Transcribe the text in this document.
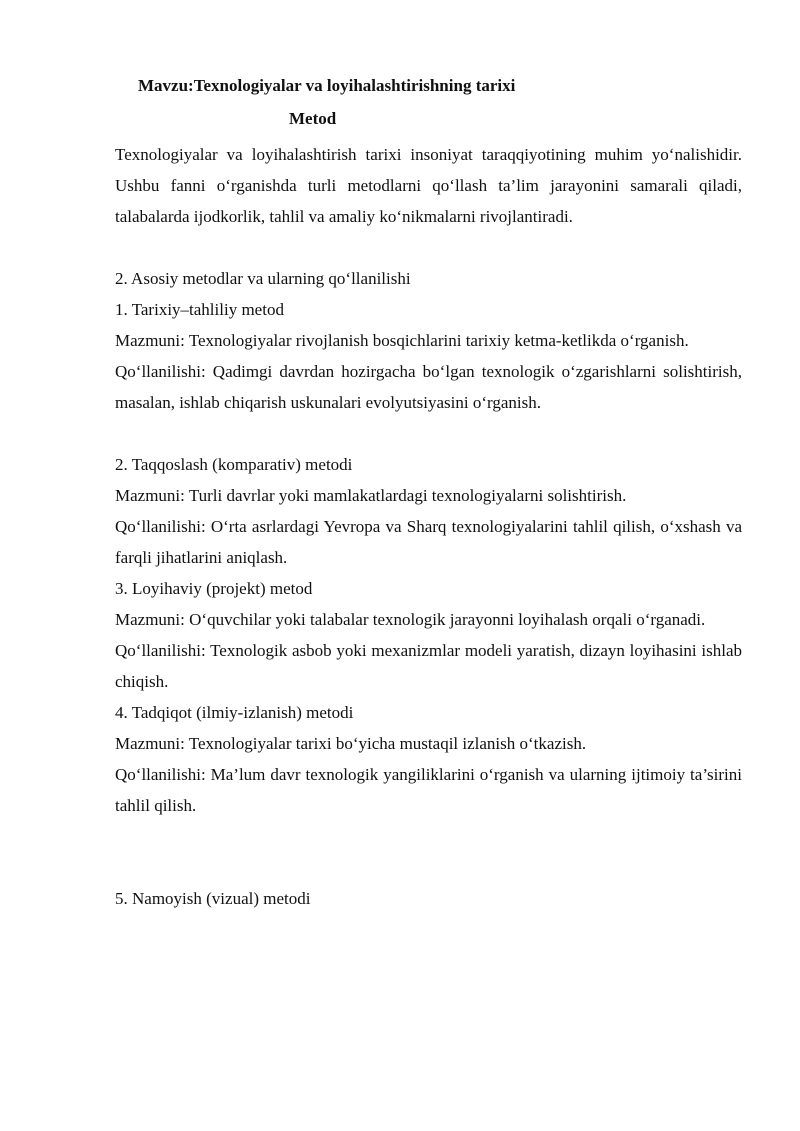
Mavzu:Texnologiyalar va loyihalashtirishning tarixi
Metod

Texnologiyalar va loyihalashtirish tarixi insoniyat taraqqiyotining muhim yo‘nalishidir. Ushbu fanni o‘rganishda turli metodlarni qo‘llash ta’lim jarayonini samarali qiladi, talabalarda ijodkorlik, tahlil va amaliy ko‘nikmalarni rivojlantiradi.

2. Asosiy metodlar va ularning qo‘llanilishi

1. Tarixiy–tahliliy metod

Mazmuni: Texnologiyalar rivojlanish bosqichlarini tarixiy ketma-ketlikda o‘rganish.

Qo‘llanilishi: Qadimgi davrdan hozirgacha bo‘lgan texnologik o‘zgarishlarni solishtirish, masalan, ishlab chiqarish uskunalari evolyutsiyasini o‘rganish.

2. Taqqoslash (komparativ) metodi

Mazmuni: Turli davrlar yoki mamlakatlardagi texnologiyalarni solishtirish.

Qo‘llanilishi: O‘rta asrlardagi Yevropa va Sharq texnologiyalarini tahlil qilish, o‘xshash va farqli jihatlarini aniqlash.

3. Loyihaviy (projekt) metod

Mazmuni: O‘quvchilar yoki talabalar texnologik jarayonni loyihalash orqali o‘rganadi.

Qo‘llanilishi: Texnologik asbob yoki mexanizmlar modeli yaratish, dizayn loyihasini ishlab chiqish.

4. Tadqiqot (ilmiy-izlanish) metodi

Mazmuni: Texnologiyalar tarixi bo‘yicha mustaqil izlanish o‘tkazish.

Qo‘llanilishi: Ma’lum davr texnologik yangiliklarini o‘rganish va ularning ijtimoiy ta’sirini tahlil qilish.

5. Namoyish (vizual) metodi
